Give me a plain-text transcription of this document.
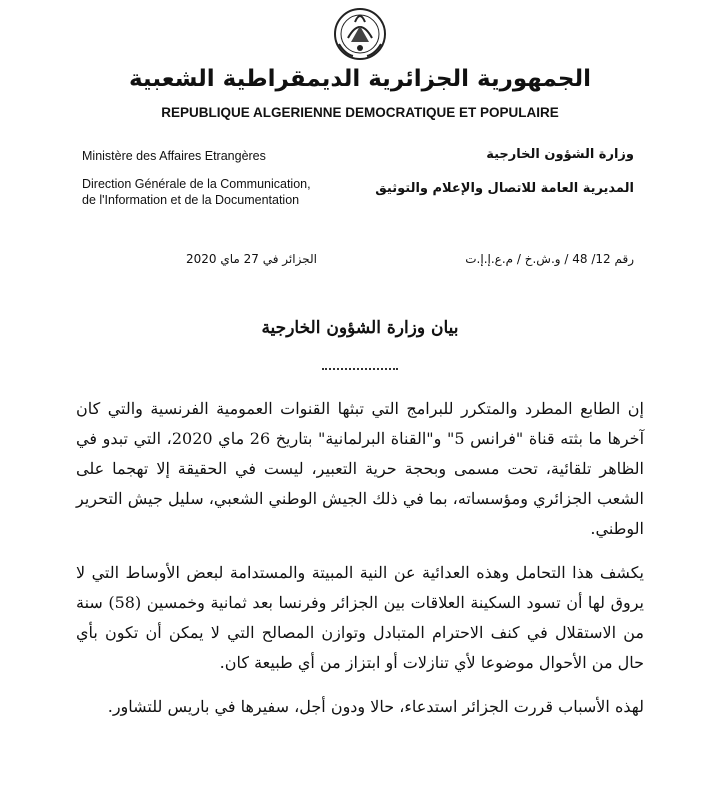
الجمهورية الجزائرية الديمقراطية الشعبية
REPUBLIQUE ALGERIENNE DEMOCRATIQUE ET POPULAIRE
Ministère des Affaires Etrangères
Direction Générale de la Communication,
de l'Information et de la Documentation
وزارة الشؤون الخارجية
المديرية العامة للاتصال والإعلام والتوثيق
رقم 12/ 48 / و.ش.خ / م.ع.إ.إ.ت
الجزائر في 27 ماي 2020
بيان وزارة الشؤون الخارجية

إن الطابع المطرد والمتكرر للبرامج التي تبثها القنوات العمومية الفرنسية والتي كان آخرها ما بثته قناة "فرانس 5" و"القناة البرلمانية" بتاريخ 26 ماي 2020، التي تبدو في الظاهر تلقائية، تحت مسمى وبحجة حرية التعبير، ليست في الحقيقة إلا تهجما على الشعب الجزائري ومؤسساته، بما في ذلك الجيش الوطني الشعبي، سليل جيش التحرير الوطني.

يكشف هذا التحامل وهذه العدائية عن النية المبيتة والمستدامة لبعض الأوساط التي لا يروق لها أن تسود السكينة العلاقات بين الجزائر وفرنسا بعد ثمانية وخمسين (58) سنة من الاستقلال في كنف الاحترام المتبادل وتوازن المصالح التي لا يمكن أن تكون بأي حال من الأحوال موضوعا لأي تنازلات أو ابتزاز من أي طبيعة كان.

لهذه الأسباب قررت الجزائر استدعاء، حالا ودون أجل، سفيرها في باريس للتشاور.
